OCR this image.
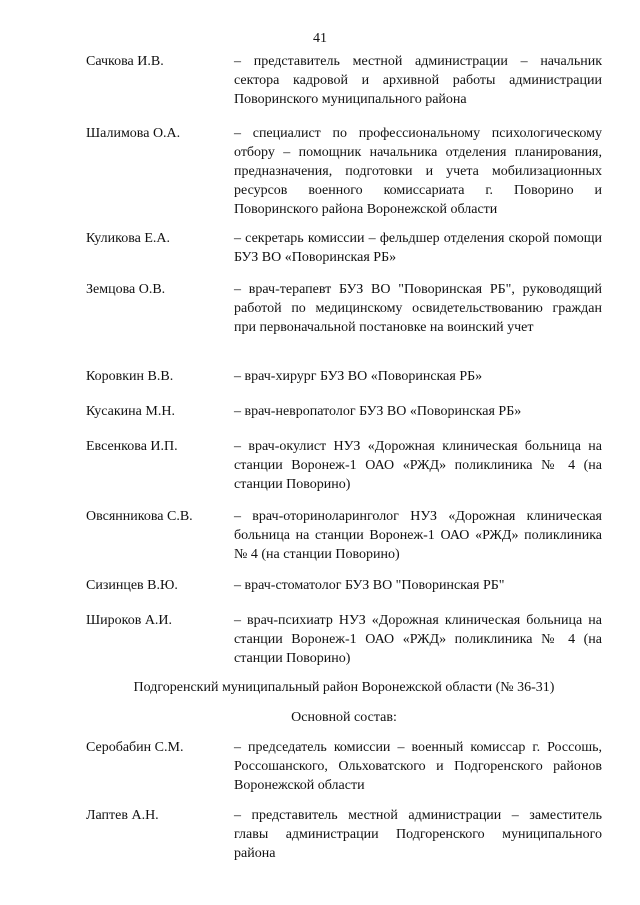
41
Сачкова И.В.	– представитель местной администрации – начальник сектора кадровой и архивной работы администрации Поворинского муниципального района
Шалимова О.А.	– специалист по профессиональному психологическому отбору – помощник начальника отделения планирования, предназначения, подготовки и учета мобилизационных ресурсов военного комиссариата г. Поворино и Поворинского района Воронежской области
Куликова Е.А.	– секретарь комиссии – фельдшер отделения скорой помощи БУЗ ВО «Поворинская РБ»
Земцова О.В.	– врач-терапевт БУЗ ВО "Поворинская РБ", руководящий работой по медицинскому освидетельствованию граждан при первоначальной постановке на воинский учет
Коровкин В.В.	– врач-хирург БУЗ ВО «Поворинская РБ»
Кусакина М.Н.	– врач-невропатолог БУЗ ВО «Поворинская РБ»
Евсенкова И.П.	– врач-окулист НУЗ «Дорожная клиническая больница на станции Воронеж-1 ОАО «РЖД» поликлиника № 4 (на станции Поворино)
Овсянникова С.В.	– врач-оториноларинголог НУЗ «Дорожная клиническая больница на станции Воронеж-1 ОАО «РЖД» поликлиника № 4 (на станции Поворино)
Сизинцев В.Ю.	– врач-стоматолог БУЗ ВО "Поворинская РБ"
Широков А.И.	– врач-психиатр НУЗ «Дорожная клиническая больница на станции Воронеж-1 ОАО «РЖД» поликлиника № 4 (на станции Поворино)
Подгоренский муниципальный район Воронежской области (№ 36-31)
Основной состав:
Серобабин С.М.	– председатель комиссии – военный комиссар г. Россошь, Россошанского, Ольховатского и Подгоренского районов Воронежской области
Лаптев А.Н.	– представитель местной администрации – заместитель главы администрации Подгоренского муниципального района
